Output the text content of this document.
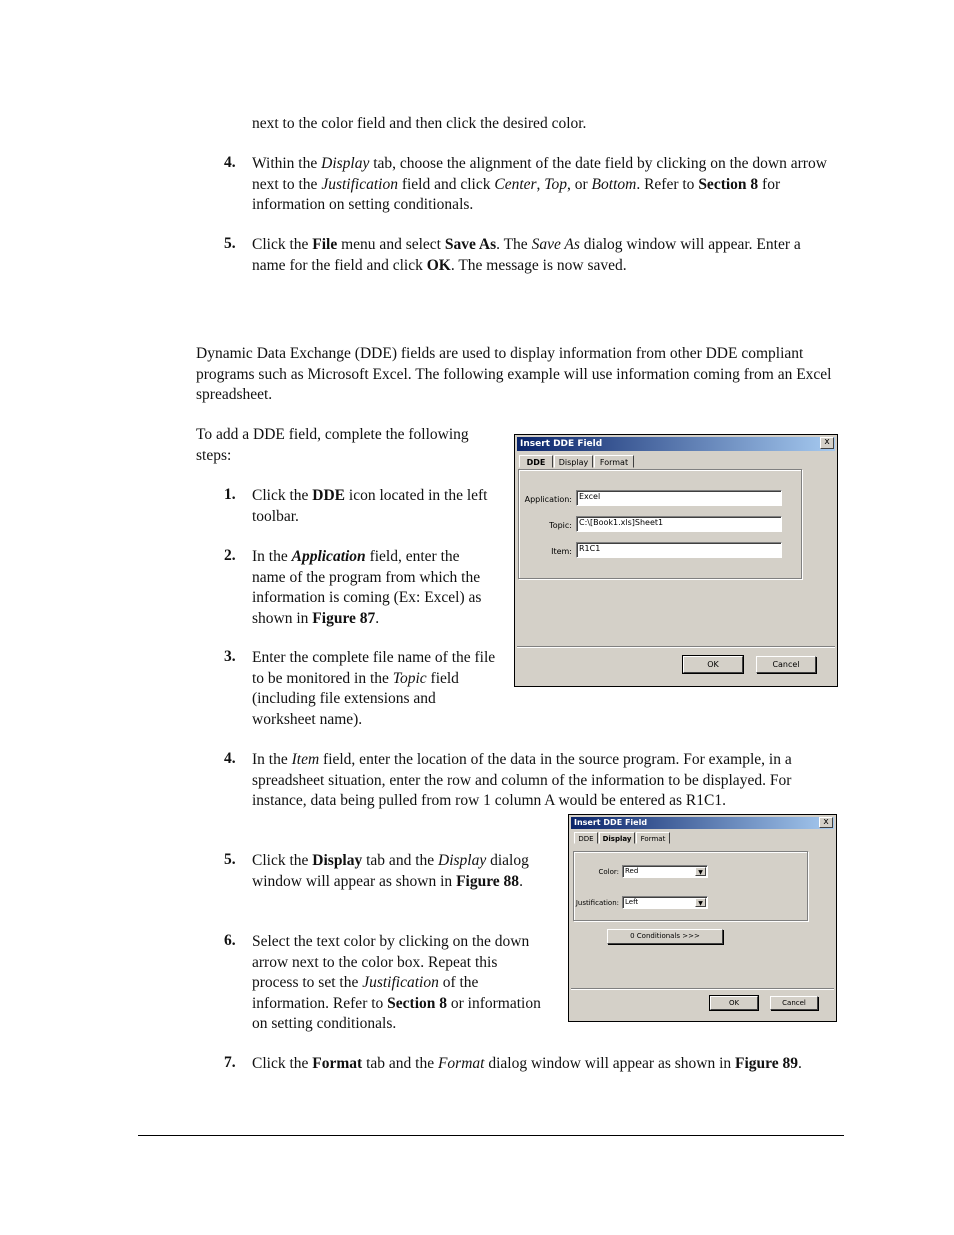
next to the color field and then click the desired color.

4. Within the Display tab, choose the alignment of the date field by clicking on the down arrow next to the Justification field and click Center, Top, or Bottom. Refer to Section 8 for information on setting conditionals.

5. Click the File menu and select Save As. The Save As dialog window will appear. Enter a name for the field and click OK. The message is now saved.

Dynamic Data Exchange (DDE) fields are used to display information from other DDE compliant programs such as Microsoft Excel. The following example will use information coming from an Excel spreadsheet.

To add a DDE field, complete the following steps:

1. Click the DDE icon located in the left toolbar.

2. In the Application field, enter the name of the program from which the information is coming (Ex: Excel) as shown in Figure 87.

3. Enter the complete file name of the file to be monitored in the Topic field (including file extensions and worksheet name).

4. In the Item field, enter the location of the data in the source program. For example, in a spreadsheet situation, enter the row and column of the information to be displayed. For instance, data being pulled from row 1 column A would be entered as R1C1.

5. Click the Display tab and the Display dialog window will appear as shown in Figure 88.

6. Select the text color by clicking on the down arrow next to the color box. Repeat this process to set the Justification of the information. Refer to Section 8 or information on setting conditionals.

7. Click the Format tab and the Format dialog window will appear as shown in Figure 89.

Insert DDE Field	x
DDE	Display	Format
Application: Excel
Topic: C:\[Book1.xls]Sheet1
Item: R1C1
OK	Cancel
Insert DDE Field	x
DDE	Display	Format
Color: Red	▼
Justification: Left	▼
0 Conditionals >>>
OK	Cancel
